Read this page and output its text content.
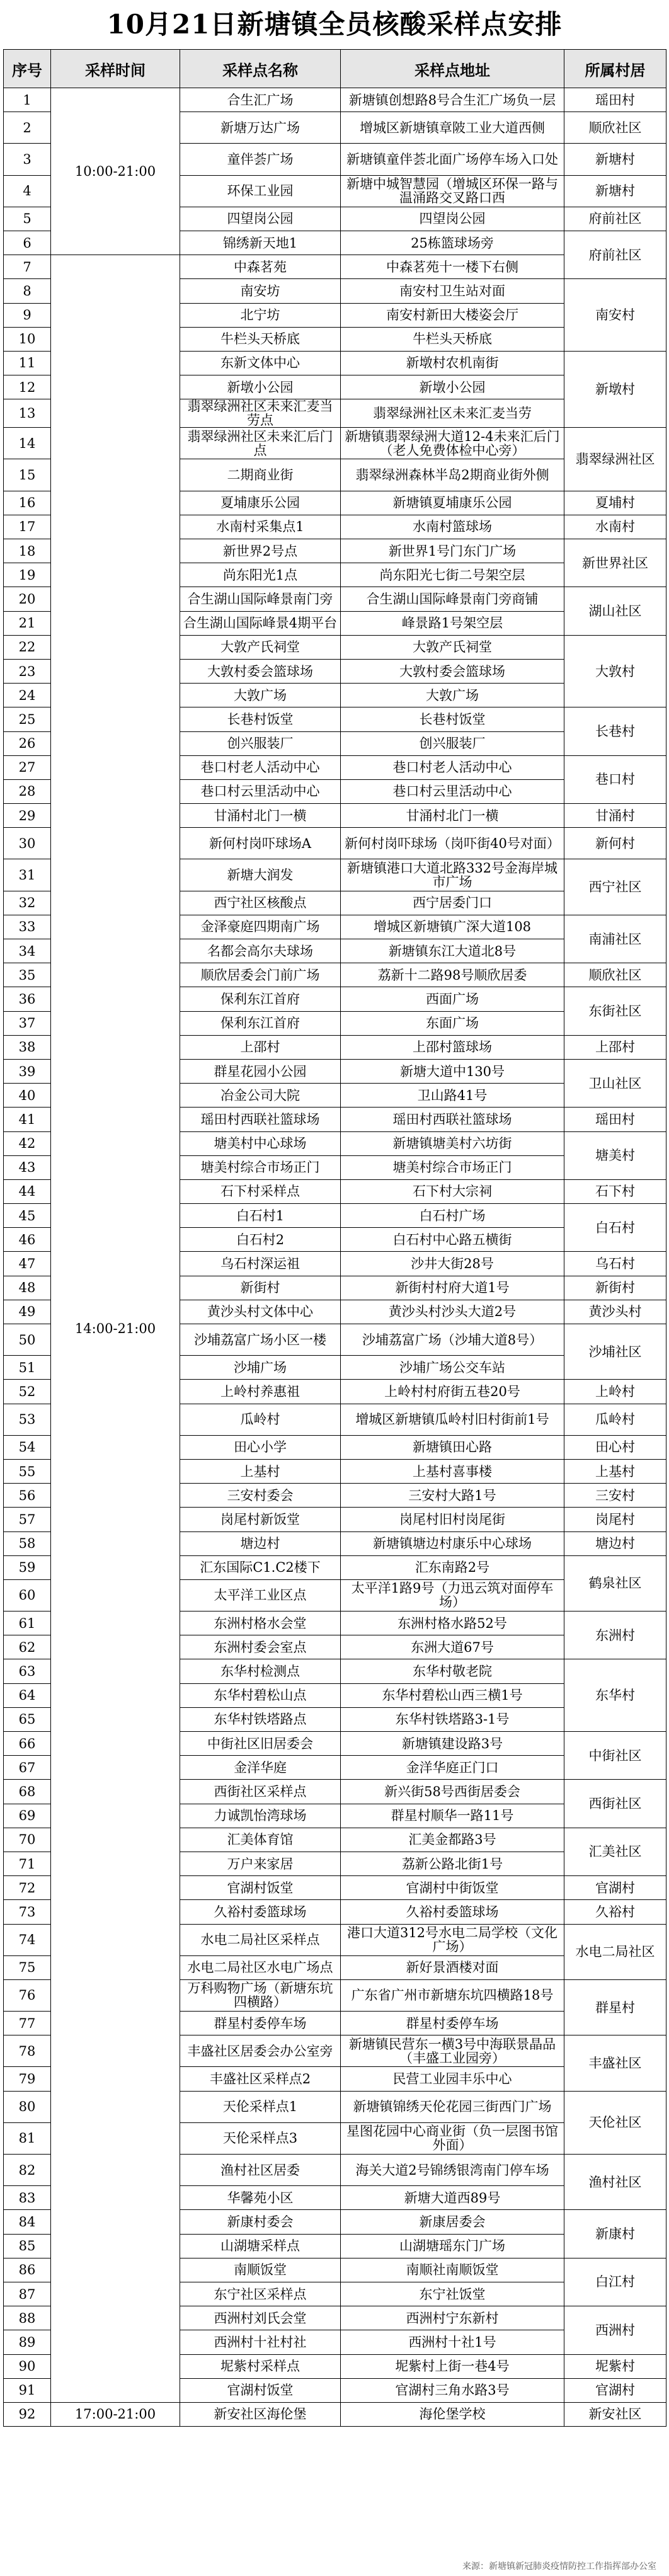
10月21日新塘镇全员核酸采样点安排
序号	采样时间	采样点名称	采样点地址	所属村居
1	10:00-21:00	合生汇广场	新塘镇创想路8号合生汇广场负一层	瑶田村
2		新塘万达广场	增城区新塘镇章陂工业大道西侧	顺欣社区
3		童伴荟广场	新塘镇童伴荟北面广场停车场入口处	新塘村
4		环保工业园	新塘中城智慧园（增城区环保一路与温涌路交叉路口西	新塘村
5		四望岗公园	四望岗公园	府前社区
6		锦绣新天地1	25栋篮球场旁	府前社区
7	14:00-21:00	中森茗苑	中森茗苑十一楼下右侧	
8		南安坊	南安村卫生站对面	南安村
9		北宁坊	南安村新田大楼姿会厅	
10		牛栏头天桥底	牛栏头天桥底	
11		东新文体中心	新墩村农机南街	新墩村
12		新墩小公园	新墩小公园	
13		翡翠绿洲社区未来汇麦当劳点	翡翠绿洲社区未来汇麦当劳	
14		翡翠绿洲社区未来汇后门点	新塘镇翡翠绿洲大道12-4未来汇后门（老人免费体检中心旁）	翡翠绿洲社区
15		二期商业街	翡翠绿洲森林半岛2期商业街外侧	
16		夏埔康乐公园	新塘镇夏埔康乐公园	夏埔村
17		水南村采集点1	水南村篮球场	水南村
18		新世界2号点	新世界1号门东门广场	新世界社区
19		尚东阳光1点	尚东阳光七街二号架空层	
20		合生湖山国际峰景南门旁	合生湖山国际峰景南门旁商铺	湖山社区
21		合生湖山国际峰景4期平台	峰景路1号架空层	
22		大敦产氏祠堂	大敦产氏祠堂	大敦村
23		大敦村委会篮球场	大敦村委会篮球场	
24		大敦广场	大敦广场	
25		长巷村饭堂	长巷村饭堂	长巷村
26		创兴服装厂	创兴服装厂	
27		巷口村老人活动中心	巷口村老人活动中心	巷口村
28		巷口村云里活动中心	巷口村云里活动中心	
29		甘涌村北门一横	甘涌村北门一横	甘涌村
30		新何村岗吓球场A	新何村岗吓球场（岗吓街40号对面）	新何村
31		新塘大润发	新塘镇港口大道北路332号金海岸城市广场	西宁社区
32		西宁社区核酸点	西宁居委门口	
33		金泽豪庭四期南广场	增城区新塘镇广深大道108	南浦社区
34		名都会高尔夫球场	新塘镇东江大道北8号	
35		顺欣居委会门前广场	荔新十二路98号顺欣居委	顺欣社区
36		保利东江首府	西面广场	东街社区
37		保利东江首府	东面广场	
38		上邵村	上邵村篮球场	上邵村
39		群星花园小公园	新塘大道中130号	卫山社区
40		冶金公司大院	卫山路41号	
41		瑶田村西联社篮球场	瑶田村西联社篮球场	瑶田村
42		塘美村中心球场	新塘镇塘美村六坊街	塘美村
43		塘美村综合市场正门	塘美村综合市场正门	
44		石下村采样点	石下村大宗祠	石下村
45		白石村1	白石村广场	白石村
46		白石村2	白石村中心路五横街	
47		乌石村深运祖	沙井大街28号	乌石村
48		新街村	新街村村府大道1号	新街村
49		黄沙头村文体中心	黄沙头村沙头大道2号	黄沙头村
50		沙埔荔富广场小区一楼	沙埔荔富广场（沙埔大道8号）	沙埔社区
51		沙埔广场	沙埔广场公交车站	
52		上岭村养惠祖	上岭村村府街五巷20号	上岭村
53		瓜岭村	增城区新塘镇瓜岭村旧村街前1号	瓜岭村
54		田心小学	新塘镇田心路	田心村
55		上基村	上基村喜事楼	上基村
56		三安村委会	三安村大路1号	三安村
57		岗尾村新饭堂	岗尾村旧村岗尾街	岗尾村
58		塘边村	新塘镇塘边村康乐中心球场	塘边村
59		汇东国际C1.C2楼下	汇东南路2号	鹤泉社区
60		太平洋工业区点	太平洋1路9号（力迅云筑对面停车场）	
61		东洲村格水会堂	东洲村格水路52号	东洲村
62		东洲村委会室点	东洲大道67号	
63		东华村检测点	东华村敬老院	东华村
64		东华村碧松山点	东华村碧松山西三横1号	
65		东华村铁塔路点	东华村铁塔路3-1号	
66		中街社区旧居委会	新塘镇建设路3号	中街社区
67		金洋华庭	金洋华庭正门口	
68		西街社区采样点	新兴街58号西街居委会	西街社区
69		力诚凯怡湾球场	群星村顺华一路11号	
70		汇美体育馆	汇美金都路3号	汇美社区
71		万户来家居	荔新公路北街1号	
72		官湖村饭堂	官湖村中街饭堂	官湖村
73		久裕村委篮球场	久裕村委篮球场	久裕村
74		水电二局社区采样点	港口大道312号水电二局学校（文化广场）	水电二局社区
75		水电二局社区水电广场点	新好景酒楼对面	
76		万科购物广场（新塘东坑四横路）	广东省广州市新塘东坑四横路18号	群星村
77		群星村委停车场	群星村委停车场	
78		丰盛社区居委会办公室旁	新塘镇民营东一横3号中海联景晶品（丰盛工业园旁）	丰盛社区
79		丰盛社区采样点2	民营工业园丰乐中心	
80		天伦采样点1	新塘镇锦绣天伦花园三街西门广场	天伦社区
81		天伦采样点3	星图花园中心商业街（负一层图书馆外面）	
82		渔村社区居委	海关大道2号锦绣银湾南门停车场	渔村社区
83		华馨苑小区	新塘大道西89号	
84		新康村委会	新康居委会	新康村
85		山湖塘采样点	山湖塘瑶东门广场	
86		南顺饭堂	南顺社南顺饭堂	白江村
87		东宁社区采样点	东宁社饭堂	
88		西洲村刘氏会堂	西洲村宁东新村	西洲村
89		西洲村十社村社	西洲村十社1号	
90		坭紫村采样点	坭紫村上街一巷4号	坭紫村
91		官湖村饭堂	官湖村三角水路3号	官湖村
92	17:00-21:00	新安社区海伦堡	海伦堡学校	新安社区
来源：新塘镇新冠肺炎疫情防控工作指挥部办公室
